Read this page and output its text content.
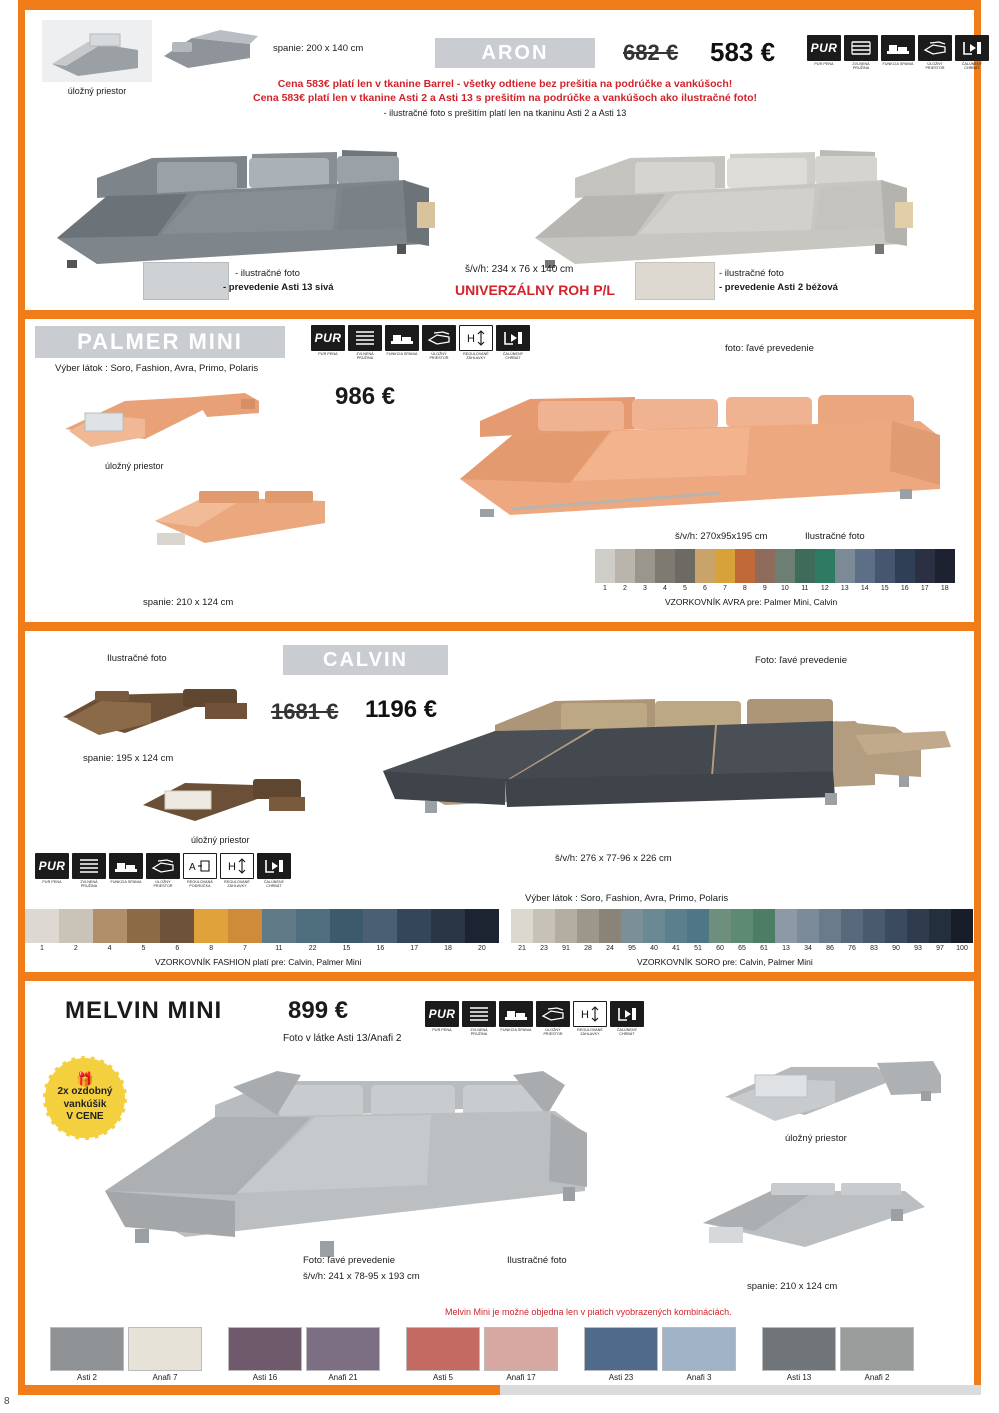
úložný priestor
spanie: 200 x 140 cm	ARON	682 € 583 €	PUR
PUR PENA	ZVLNENÁ PRUŽINA
FUNKCIA SPANIA	ÚLOŽNÝ PRIESTOR
ČALÚNENÝ CHRBÁT
Cena 583€ platí len v tkanine Barrel - všetky odtiene bez prešitia na podrúčke a vankúšoch!
Cena 583€ platí len v tkanine Asti 2 a Asti 13 s prešitím na podrúčke a vankúšoch ako ilustračné foto!
- ilustračné foto s prešitím platí len na tkaninu Asti 2 a Asti 13
- ilustračné foto
- prevedenie Asti 13 sivá
š/v/h: 234 x 76 x 140 cm
UNIVERZÁLNY ROH P/L
- ilustračné foto
- prevedenie Asti 2 béžová
PALMER MINI
Výber látok : Soro, Fashion, Avra, Primo, Polaris
PUR
PUR PENA	ZVLNENÁ PRUŽINA
FUNKCIA SPANIA	ÚLOŽNÝ PRIESTOR
H
REGULOVANÉ ZÁHLAVKY
ČALÚNENÝ CHRBÁT
foto: ľavé prevedenie
986 €
úložný priestor
spanie: 210 x 124 cm
š/v/h: 270x95x195 cm	Ilustračné foto
1	2	3	4	5	6	7	8	9	10	11	12	13	14	15	16	17	18
VZORKOVNÍK AVRA pre: Palmer Mini, Calvin
Ilustračné foto	CALVIN
1681 € 1196 €
Foto: ľavé prevedenie
spanie: 195 x 124 cm
úložný priestor
š/v/h: 276 x 77-96 x 226 cm
PUR
PUR PENA	ZVLNENÁ PRUŽINA
FUNKCIA SPANIA	ÚLOŽNÝ PRIESTOR
A
REGULOVANÁ PODRÚČKA
H
REGULOVANÉ ZÁHLAVKY
ČALÚNENÝ CHRBÁT
Výber látok : Soro, Fashion, Avra, Primo, Polaris
1	2	4	5	6	8	7	11	22	15	16	17	18	20
VZORKOVNÍK FASHION platí pre: Calvin, Palmer Mini
21	23	91	28	24	95	40	41	51	60	65	61	13	34	86	76	83	90	93	97	100
VZORKOVNÍK SORO pre: Calvin, Palmer Mini
MELVIN MINI	899 €
Foto v látke Asti 13/Anafi 2
PUR
PUR PENA	ZVLNENÁ PRUŽINA
FUNKCIA SPANIA	ÚLOŽNÝ PRIESTOR
H
REGULOVANÉ ZÁHLAVKY
ČALÚNENÝ CHRBÁT
🎁
2x ozdobný
vankúšik
V CENE
Foto: ľavé prevedenie
š/v/h: 241 x 78-95 x 193 cm
Ilustračné foto
úložný priestor
spanie: 210 x 124 cm
Melvin Mini je možné objedna len v piatich vyobrazených kombináciách.
Asti 2	Anafi 7	Asti 16	Anafi 21	Asti 5	Anafi 17	Asti 23	Anafi 3	Asti 13	Anafi 2
8
